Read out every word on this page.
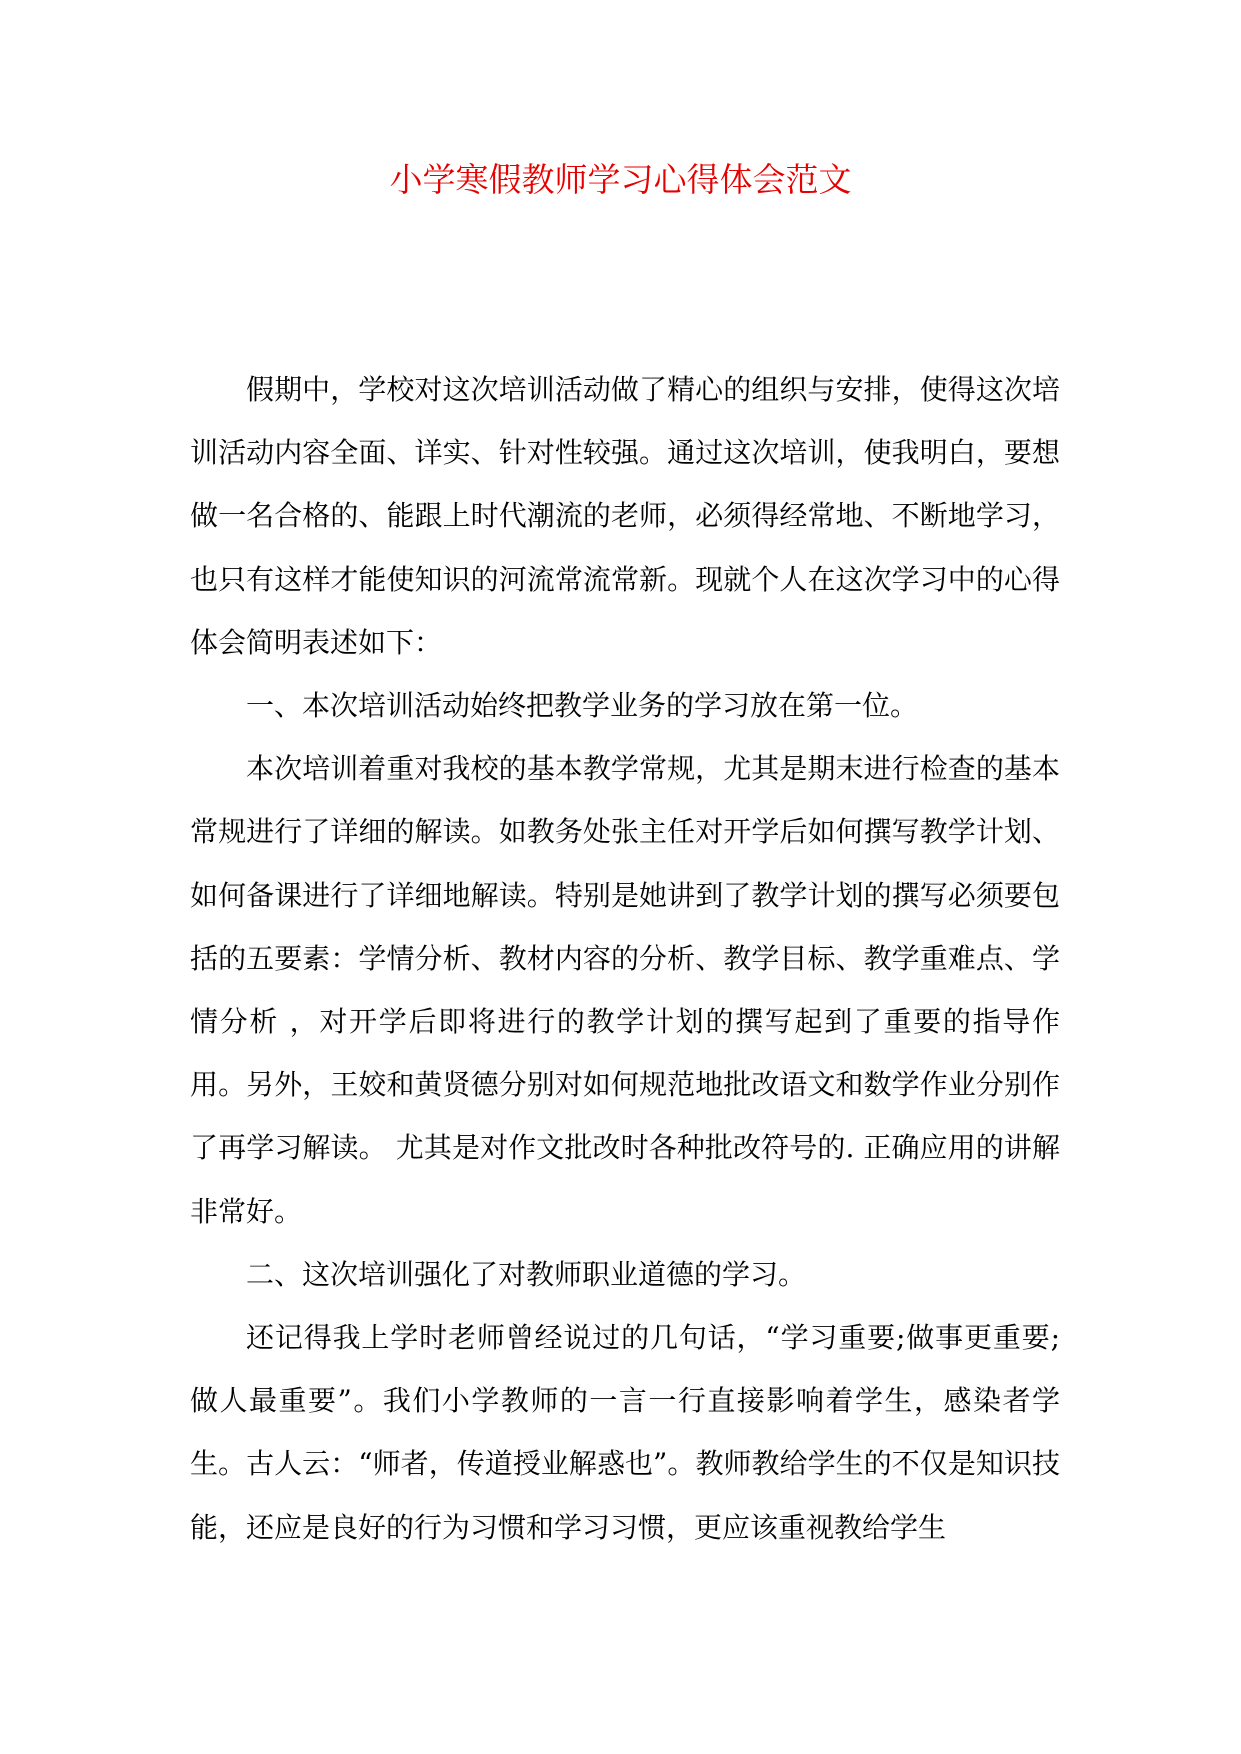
小学寒假教师学习心得体会范文

假期中，学校对这次培训活动做了精心的组织与安排，使得这次培训活动内容全面、详实、针对性较强。通过这次培训，使我明白，要想做一名合格的、能跟上时代潮流的老师，必须得经常地、不断地学习，也只有这样才能使知识的河流常流常新。现就个人在这次学习中的心得体会简明表述如下：

一、本次培训活动始终把教学业务的学习放在第一位。

本次培训着重对我校的基本教学常规，尤其是期末进行检查的基本常规进行了详细的解读。如教务处张主任对开学后如何撰写教学计划、如何备课进行了详细地解读。特别是她讲到了教学计划的撰写必须要包括的五要素：学情分析、教材内容的分析、教学目标、教学重难点、学情分析 ，对开学后即将进行的教学计划的撰写起到了重要的指导作用。另外，王姣和黄贤德分别对如何规范地批改语文和数学作业分别作了再学习解读。 尤其是对作文批改时各种批改符号的. 正确应用的讲解非常好。

二、这次培训强化了对教师职业道德的学习。

还记得我上学时老师曾经说过的几句话，“学习重要;做事更重要;做人最重要”。我们小学教师的一言一行直接影响着学生，感染者学生。古人云：“师者，传道授业解惑也”。教师教给学生的不仅是知识技能，还应是良好的行为习惯和学习习惯，更应该重视教给学生
